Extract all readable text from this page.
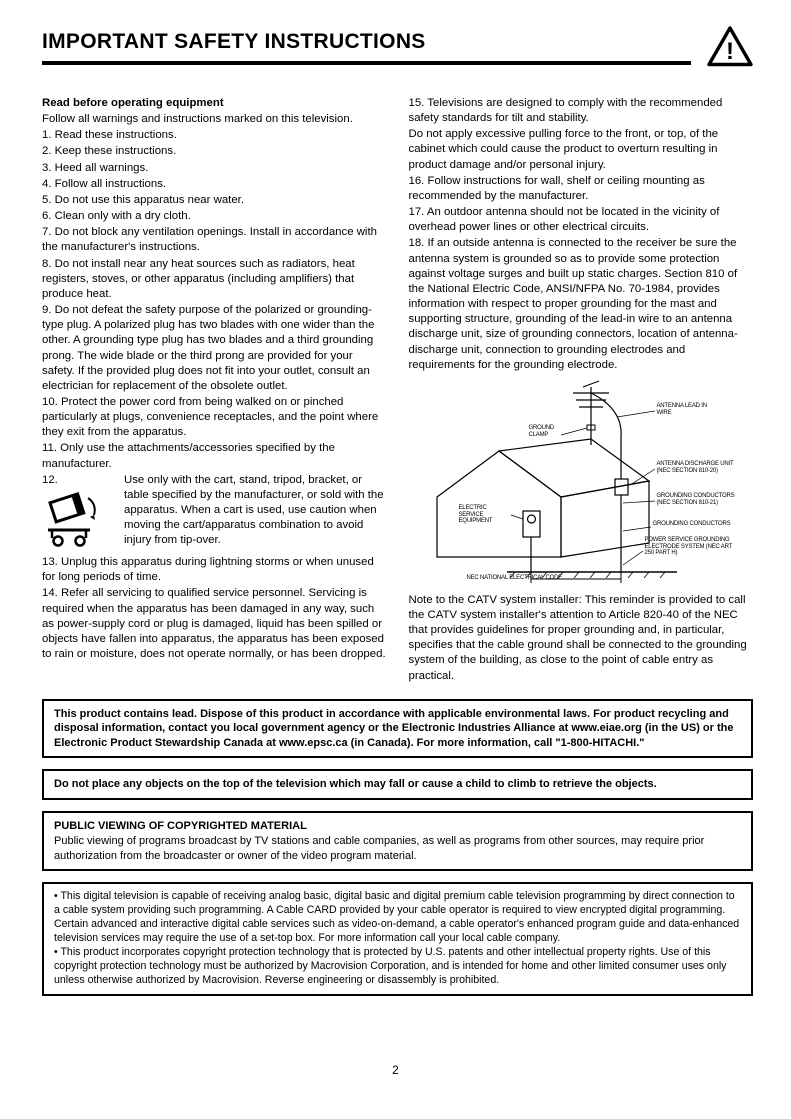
IMPORTANT SAFETY INSTRUCTIONS	!

Read before operating equipment

Follow all warnings and instructions marked on this television.

1. Read these instructions.

2. Keep these instructions.

3. Heed all warnings.

4. Follow all instructions.

5. Do not use this apparatus near water.

6. Clean only with a dry cloth.

7. Do not block any ventilation openings. Install in accordance with the manufacturer's instructions.

8. Do not install near any heat sources such as radiators, heat registers, stoves, or other apparatus (including amplifiers) that produce heat.

9. Do not defeat the safety purpose of the polarized or grounding-type plug. A polarized plug has two blades with one wider than the other. A grounding type plug has two blades and a third grounding prong. The wide blade or the third prong are provided for your safety. If the provided plug does not fit into your outlet, consult an electrician for replacement of the obsolete outlet.

10. Protect the power cord from being walked on or pinched particularly at plugs, convenience receptacles, and the point where they exit from the apparatus.

11. Only use the attachments/accessories specified by the manufacturer.

12.	Use only with the cart, stand, tripod, bracket, or table specified by the manufacturer, or sold with the apparatus. When a cart is used, use caution when moving the cart/apparatus combination to avoid injury from tip-over.

13. Unplug this apparatus during lightning storms or when unused for long periods of time.

14. Refer all servicing to qualified service personnel. Servicing is required when the apparatus has been damaged in any way, such as power-supply cord or plug is damaged, liquid has been spilled or objects have fallen into apparatus, the apparatus has been exposed to rain or moisture, does not operate normally, or has been dropped.

15. Televisions are designed to comply with the recommended safety standards for tilt and stability.

Do not apply excessive pulling force to the front, or top, of the cabinet which could cause the product to overturn resulting in product damage and/or personal injury.

16. Follow instructions for wall, shelf or ceiling mounting as recommended by the manufacturer.

17. An outdoor antenna should not be located in the vicinity of overhead power lines or other electrical circuits.

18. If an outside antenna is connected to the receiver be sure the antenna system is grounded so as to provide some protection against voltage surges and built up static charges. Section 810 of the National Electric Code, ANSI/NFPA No. 70-1984, provides information with respect to proper grounding for the mast and supporting structure, grounding of the lead-in wire to an antenna discharge unit, size of grounding connectors, location of antenna-discharge unit, connection to grounding electrodes and requirements for the grounding electrode.

ANTENNA LEAD IN WIRE
GROUND CLAMP
ANTENNA DISCHARGE UNIT (NEC SECTION 810-20)
ELECTRIC SERVICE EQUIPMENT
GROUNDING CONDUCTORS (NEC SECTION 810-21)
GROUNDING CONDUCTORS
POWER SERVICE GROUNDING ELECTRODE SYSTEM (NEC ART 250 PART H)
NEC NATIONAL ELECTRICAL CODE

Note to the CATV system installer: This reminder is provided to call the CATV system installer's attention to Article 820-40 of the NEC that provides guidelines for proper grounding and, in particular, specifies that the cable ground shall be connected to the grounding system of the building, as close to the point of cable entry as practical.

This product contains lead. Dispose of this product in accordance with applicable environmental laws. For product recycling and disposal information, contact you local government agency or the Electronic Industries Alliance at www.eiae.org (in the US) or the Electronic Product Stewardship Canada at www.epsc.ca (in Canada). For more information, call "1-800-HITACHI."
Do not place any objects on the top of the television which may fall or cause a child to climb to retrieve the objects.
PUBLIC VIEWING OF COPYRIGHTED MATERIAL
Public viewing of programs broadcast by TV stations and cable companies, as well as programs from other sources, may require prior authorization from the broadcaster or owner of the video program material.

• This digital television is capable of receiving analog basic, digital basic and digital premium cable television programming by direct connection to a cable system providing such programming. A Cable CARD provided by your cable operator is required to view encrypted digital programming. Certain advanced and interactive digital cable services such as video-on-demand, a cable operator's enhanced program guide and data-enhanced television services may require the use of a set-top box. For more information call your local cable company.

• This product incorporates copyright protection technology that is protected by U.S. patents and other intellectual property rights. Use of this copyright protection technology must be authorized by Macrovision Corporation, and is intended for home and other limited consumer uses only unless otherwise authorized by Macrovision. Reverse engineering or disassembly is prohibited.

2
